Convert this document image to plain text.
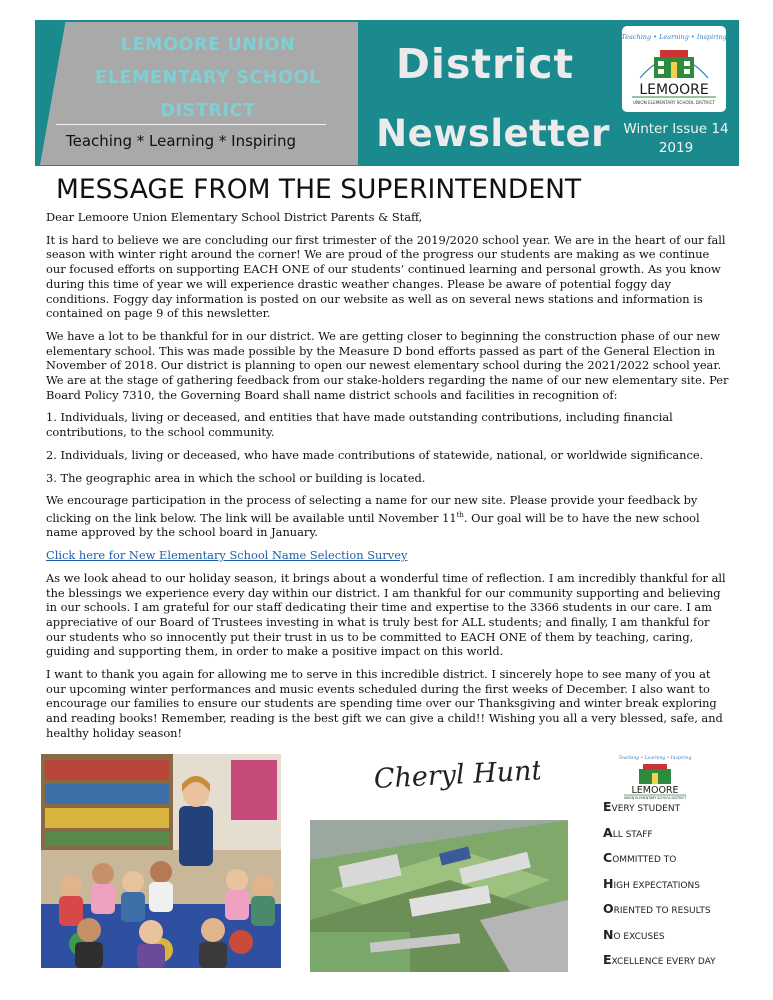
LEMOORE UNION
ELEMENTARY SCHOOL
DISTRICT
Teaching * Learning * Inspiring
District
Newsletter
Teaching • Learning • Inspiring
LEMOORE
UNION ELEMENTARY SCHOOL DISTRICT
Winter Issue 14
2019
MESSAGE FROM THE SUPERINTENDENT

Dear Lemoore Union Elementary School District Parents & Staff,

It is hard to believe we are concluding our first trimester of the 2019/2020 school year. We are in the heart of our fall season with winter right around the corner! We are proud of the progress our students are making as we continue our focused efforts on supporting EACH ONE of our students’ continued learning and personal growth. As you know during this time of year we will experience drastic weather changes. Please be aware of potential foggy day conditions. Foggy day information is posted on our website as well as on several news stations and information is contained on page 9 of this newsletter.

We have a lot to be thankful for in our district. We are getting closer to beginning the construction phase of our new elementary school. This was made possible by the Measure D bond efforts passed as part of the General Election in November of 2018. Our district is planning to open our newest elementary school during the 2021/2022 school year. We are at the stage of gathering feedback from our stake-holders regarding the name of our new elementary site. Per Board Policy 7310, the Governing Board shall name district schools and facilities in recognition of:

1. Individuals, living or deceased, and entities that have made outstanding contributions, including financial contributions, to the school community.

2. Individuals, living or deceased, who have made contributions of statewide, national, or worldwide significance.

3. The geographic area in which the school or building is located.

We encourage participation in the process of selecting a name for our new site. Please provide your feedback by clicking on the link below. The link will be available until November 11th. Our goal will be to have the new school name approved by the school board in January.

Click here for New Elementary School Name Selection Survey

As we look ahead to our holiday season, it brings about a wonderful time of reflection. I am incredibly thankful for all the blessings we experience every day within our district. I am thankful for our community supporting and believing in our schools. I am grateful for our staff dedicating their time and expertise to the 3366 students in our care. I am appreciative of our Board of Trustees investing in what is truly best for ALL students; and finally, I am thankful for our students who so innocently put their trust in us to be committed to EACH ONE of them by teaching, caring, guiding and supporting them, in order to make a positive impact on this world.

I want to thank you again for allowing me to serve in this incredible district. I sincerely hope to see many of you at our upcoming winter performances and music events scheduled during the first weeks of December. I also want to encourage our families to ensure our students are spending time over our Thanksgiving and winter break exploring and reading books! Remember, reading is the best gift we can give a child!! Wishing you all a very blessed, safe, and healthy holiday season!

Cheryl Hunt	Teaching • Learning • Inspiring
LEMOORE
UNION ELEMENTARY SCHOOL DISTRICT
EVERY STUDENT
ALL STAFF
COMMITTED TO
HIGH EXPECTATIONS
ORIENTED TO RESULTS
NO EXCUSES
EXCELLENCE EVERY DAY
